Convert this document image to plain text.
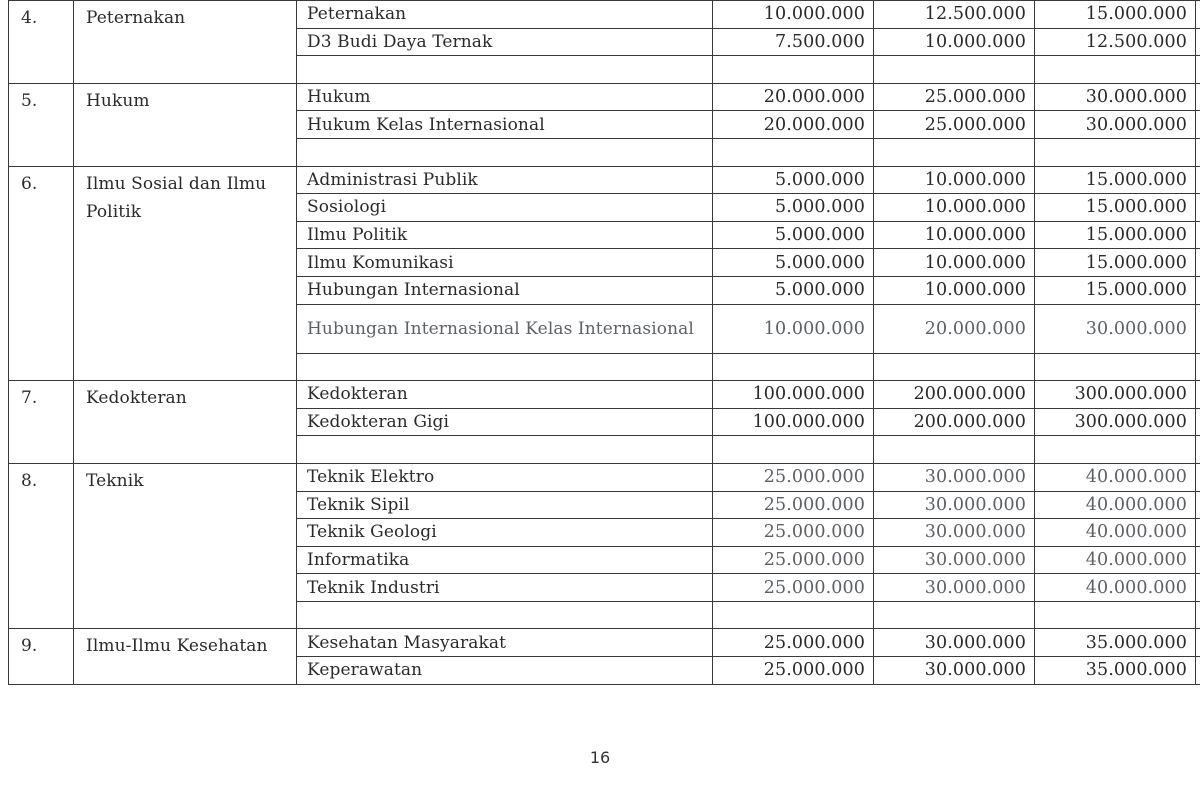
4.	Peternakan	Peternakan	10.000.000	12.500.000	15.000.000	
		D3 Budi Daya Ternak	7.500.000	10.000.000	12.500.000	

5.	Hukum	Hukum	20.000.000	25.000.000	30.000.000	
		Hukum Kelas Internasional	20.000.000	25.000.000	30.000.000	

6.	Ilmu Sosial dan Ilmu Politik	Administrasi Publik	5.000.000	10.000.000	15.000.000	
		Sosiologi	5.000.000	10.000.000	15.000.000	
		Ilmu Politik	5.000.000	10.000.000	15.000.000	
		Ilmu Komunikasi	5.000.000	10.000.000	15.000.000	
		Hubungan Internasional	5.000.000	10.000.000	15.000.000	
		Hubungan Internasional Kelas Internasional	10.000.000	20.000.000	30.000.000	

7.	Kedokteran	Kedokteran	100.000.000	200.000.000	300.000.000	
		Kedokteran Gigi	100.000.000	200.000.000	300.000.000	

8.	Teknik	Teknik Elektro	25.000.000	30.000.000	40.000.000	
		Teknik Sipil	25.000.000	30.000.000	40.000.000	
		Teknik Geologi	25.000.000	30.000.000	40.000.000	
		Informatika	25.000.000	30.000.000	40.000.000	
		Teknik Industri	25.000.000	30.000.000	40.000.000	

9.	Ilmu-Ilmu Kesehatan	Kesehatan Masyarakat	25.000.000	30.000.000	35.000.000	
		Keperawatan	25.000.000	30.000.000	35.000.000	
16
